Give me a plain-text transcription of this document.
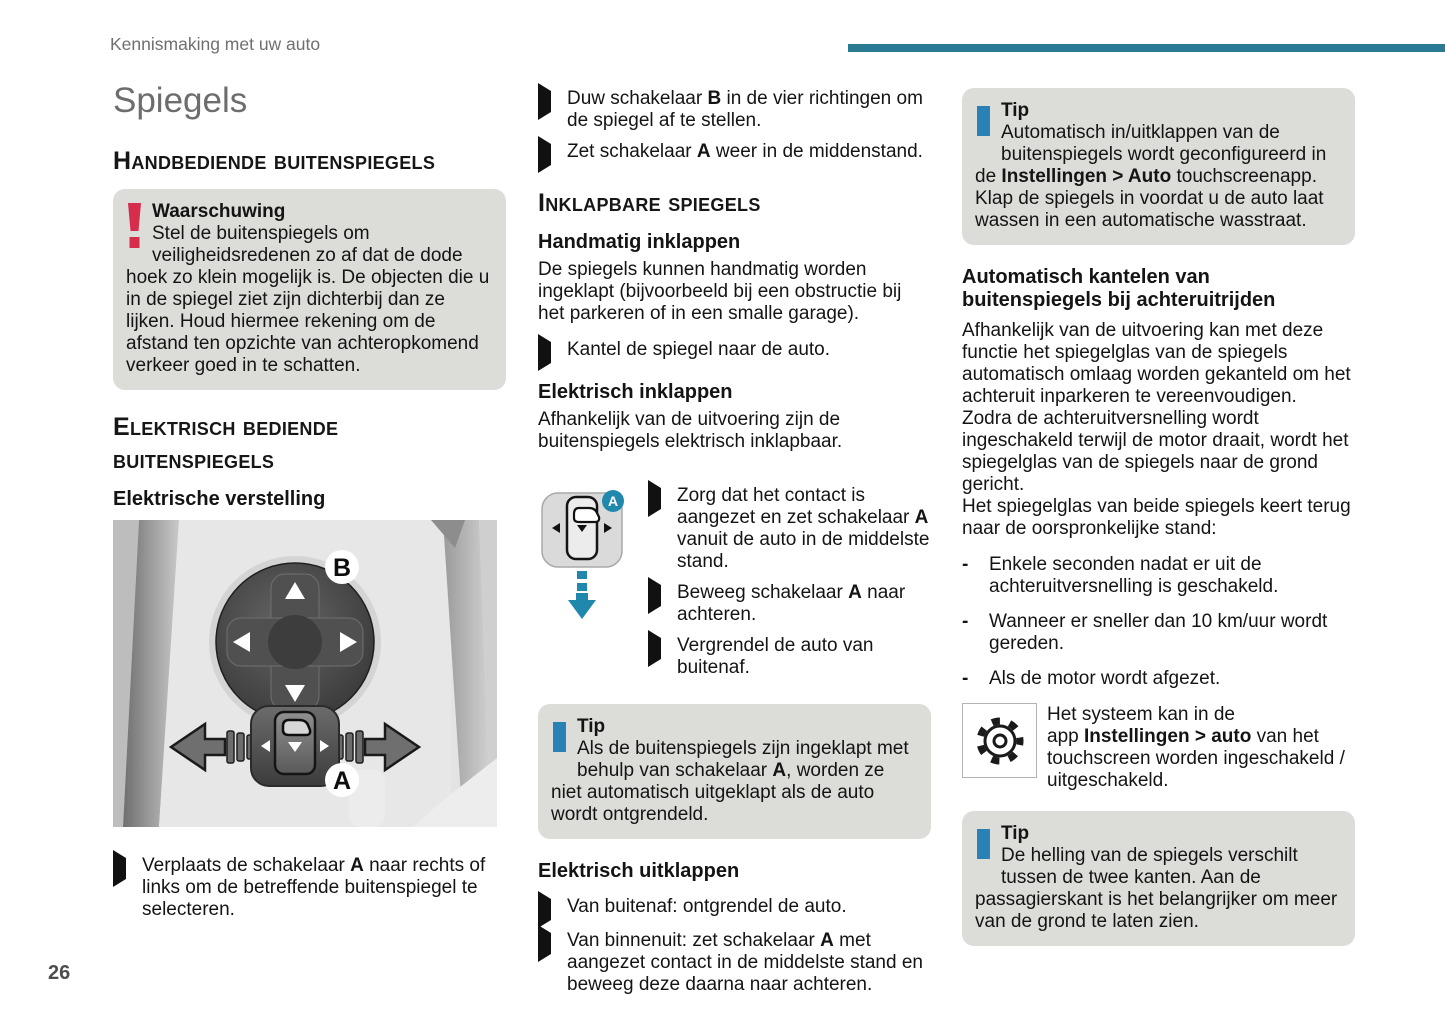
Kennismaking met uw auto
Spiegels
Handbediende buitenspiegels
Waarschuwing
Stel de buitenspiegels om veiligheidsredenen zo af dat de dode hoek zo klein mogelijk is. De objecten die u in de spiegel ziet zijn dichterbij dan ze lijken. Houd hiermee rekening om de afstand ten opzichte van achteropkomend verkeer goed in te schatten.
Elektrisch bediende buitenspiegels
Elektrische verstelling
B
A
Verplaats de schakelaar A naar rechts of links om de betreffende buitenspiegel te selecteren.
Duw schakelaar B in de vier richtingen om de spiegel af te stellen.
Zet schakelaar A weer in de middenstand.
Inklapbare spiegels
Handmatig inklappen

De spiegels kunnen handmatig worden ingeklapt (bijvoorbeeld bij een obstructie bij het parkeren of in een smalle garage).

Kantel de spiegel naar de auto.
Elektrisch inklappen

Afhankelijk van de uitvoering zijn de buitenspiegels elektrisch inklapbaar.

A	Zorg dat het contact is aangezet en zet schakelaar A vanuit de auto in de middelste stand.
Beweeg schakelaar A naar achteren.
Vergrendel de auto van buitenaf.
Tip
Als de buitenspiegels zijn ingeklapt met behulp van schakelaar A, worden ze niet automatisch uitgeklapt als de auto wordt ontgrendeld.
Elektrisch uitklappen
Van buitenaf: ontgrendel de auto.
Van binnenuit: zet schakelaar A met aangezet contact in de middelste stand en beweeg deze daarna naar achteren.
Tip
Automatisch in/uitklappen van de buitenspiegels wordt geconfigureerd in de Instellingen > Auto touchscreenapp.
Klap de spiegels in voordat u de auto laat wassen in een automatische wasstraat.
Automatisch kantelen van buitenspiegels bij achteruitrijden

Afhankelijk van de uitvoering kan met deze functie het spiegelglas van de spiegels automatisch omlaag worden gekanteld om het achteruit inparkeren te vereenvoudigen.

Zodra de achteruitversnelling wordt ingeschakeld terwijl de motor draait, wordt het spiegelglas van de spiegels naar de grond gericht.

Het spiegelglas van beide spiegels keert terug naar de oorspronkelijke stand:

-	Enkele seconden nadat er uit de achteruitversnelling is geschakeld.
-	Wanneer er sneller dan 10 km/uur wordt gereden.
-	Als de motor wordt afgezet.
Het systeem kan in de
app Instellingen > auto van het touchscreen worden ingeschakeld / uitgeschakeld.
Tip
De helling van de spiegels verschilt tussen de twee kanten. Aan de passagierskant is het belangrijker om meer van de grond te laten zien.
26
